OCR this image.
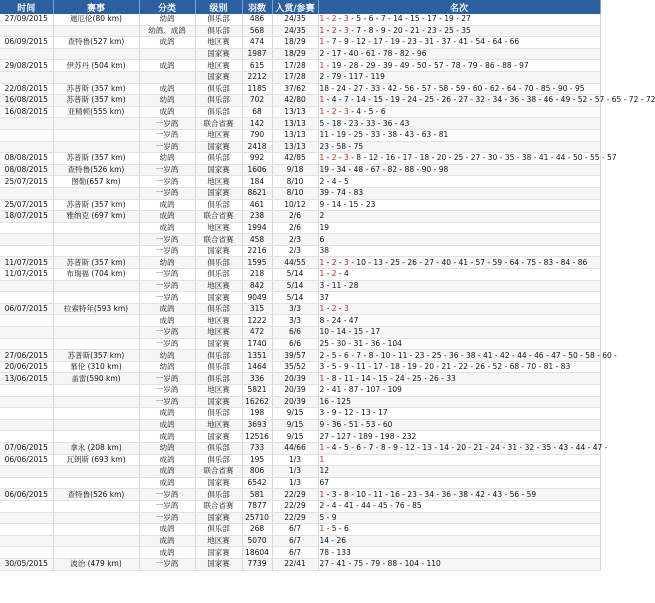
时间	赛事	分类	级别	羽数	入赏/参赛	名次
27/09/2015	逦厄伦(80 km)	幼鸽	俱乐部	486	24/35	1 - 2 - 3 - 5 - 6 - 7 - 14 - 15 - 17 - 19 - 27
		幼鸽、成鸽	俱乐部	568	24/35	1 - 2 - 3 - 7 - 8 - 9 - 20 - 21 - 23 - 25 - 35
06/09/2015	查特鲁(527 km)	成鸽	地区赛	474	18/29	1 - 7 - 9 - 12 - 17 - 19 - 23 - 31 - 37 - 41 - 54 - 64 - 66
			国家赛	1987	18/29	2 - 17 - 40 - 61 - 78 - 82 - 96
29/08/2015	伊苏丹 (504 km)	成鸽	地区赛	615	17/28	1 - 19 - 28 - 29 - 39 - 49 - 50 - 57 - 78 - 79 - 86 - 88 - 97
			国家赛	2212	17/28	2 - 79 - 117 - 119
22/08/2015	苏普斯 (357 km)	成鸽	俱乐部	1185	37/62	18 - 24 - 27 - 33 - 42 - 56 - 57 - 58 - 59 - 60 - 62 - 64 - 70 - 85 - 90 - 95
16/08/2015	苏普斯 (357 km)	幼鸽	俱乐部	702	42/80	1 - 4 - 7 - 14 - 15 - 19 - 24 - 25 - 26 - 27 - 32 - 34 - 36 - 38 - 46 - 49 - 52 - 57 - 65 - 72 - 72
16/08/2015	亚精顿(555 km)	成鸽	俱乐部	68	13/13	1 - 2 - 3 - 4 - 5 - 6
		一岁鸽	联合省赛	142	13/13	5 - 18 - 23 - 33 - 36 - 43
		一岁鸽	地区赛	790	13/13	11 - 19 - 25 - 33 - 38 - 43 - 63 - 81
		一岁鸽	国家赛	2418	13/13	23 - 58 - 75
08/08/2015	苏普斯 (357 km)	幼鸽	俱乐部	992	42/85	1 - 2 - 3 - 8 - 12 - 16 - 17 - 18 - 20 - 25 - 27 - 30 - 35 - 38 - 41 - 44 - 50 - 55 - 57
08/08/2015	查特鲁(526 km)	一岁鸽	国家赛	1606	9/18	19 - 34 - 48 - 67 - 82 - 88 - 90 - 98
25/07/2015	图勒(657 km)	一岁鸽	地区赛	184	8/10	2 - 4 - 5
		一岁鸽	国家赛	8621	8/10	39 - 74 - 83
25/07/2015	苏普斯 (357 km)	成鸽	俱乐部	461	10/12	9 - 14 - 15 - 23
18/07/2015	雅纳克 (697 km)	成鸽	联合省赛	238	2/6	2
		成鸽	地区赛	1994	2/6	19
		一岁鸽	联合省赛	458	2/3	6
		一岁鸽	国家赛	2216	2/3	38
11/07/2015	苏普斯 (357 km)	幼鸽	俱乐部	1595	44/55	1 - 2 - 3 - 10 - 13 - 25 - 26 - 27 - 40 - 41 - 57 - 59 - 64 - 75 - 83 - 84 - 86
11/07/2015	布瑞福 (704 km)	一岁鸽	俱乐部	218	5/14	1 - 2 - 4
		一岁鸽	地区赛	842	5/14	3 - 11 - 28
		一岁鸽	国家赛	9049	5/14	37
06/07/2015	拉索特年(593 km)	成鸽	俱乐部	315	3/3	1 - 2 - 3
		成鸽	地区赛	1222	3/3	8 - 24 - 47
		一岁鸽	地区赛	472	6/6	10 - 14 - 15 - 17
		一岁鸽	国家赛	1740	6/6	25 - 30 - 31 - 36 - 104
27/06/2015	苏普斯(357 km)	幼鸽	俱乐部	1351	39/57	2 - 5 - 6 - 7 - 8 - 10 - 11 - 23 - 25 - 36 - 38 - 41 - 42 - 44 - 46 - 47 - 50 - 58 - 60 -
20/06/2015	慕伦 (310 km)	幼鸽	俱乐部	1464	35/52	3 - 5 - 9 - 11 - 17 - 18 - 19 - 20 - 21 - 22 - 26 - 52 - 68 - 70 - 81 - 83
13/06/2015	盖雷(590 km)	一岁鸽	俱乐部	336	20/39	1 - 8 - 11 - 14 - 15 - 24 - 25 - 26 - 33
		一岁鸽	地区赛	5821	20/39	2 - 41 - 87 - 107 - 109
		一岁鸽	国家赛	16262	20/39	16 - 125
		成鸽	俱乐部	198	9/15	3 - 9 - 12 - 13 - 17
		成鸽	地区赛	3693	9/15	9 - 36 - 51 - 53 - 60
		成鸽	国家赛	12516	9/15	27 - 127 - 189 - 198 - 232
07/06/2015	拿永 (208 km)	幼鸽	俱乐部	733	44/66	1 - 4 - 5 - 6 - 7 - 8 - 9 - 12 - 13 - 14 - 20 - 21 - 24 - 31 - 32 - 35 - 43 - 44 - 47 -
06/06/2015	瓦朗斯 (693 km)	成鸽	俱乐部	195	1/3	1
		成鸽	联合省赛	806	1/3	12
		成鸽	国家赛	6542	1/3	67
06/06/2015	查特鲁(526 km)	一岁鸽	俱乐部	581	22/29	1 - 3 - 8 - 10 - 11 - 16 - 23 - 34 - 36 - 38 - 42 - 43 - 56 - 59
		一岁鸽	联合省赛	7877	22/29	2 - 4 - 41 - 44 - 45 - 76 - 85
		一岁鸽	国家赛	25710	22/29	5 - 9
		成鸽	俱乐部	268	6/7	1 - 5 - 6
		成鸽	地区赛	5070	6/7	14 - 26
		成鸽	国家赛	18604	6/7	78 - 133
30/05/2015	波治 (479 km)	一岁鸽	国家赛	7739	22/41	27 - 41 - 75 - 79 - 88 - 104 - 110
